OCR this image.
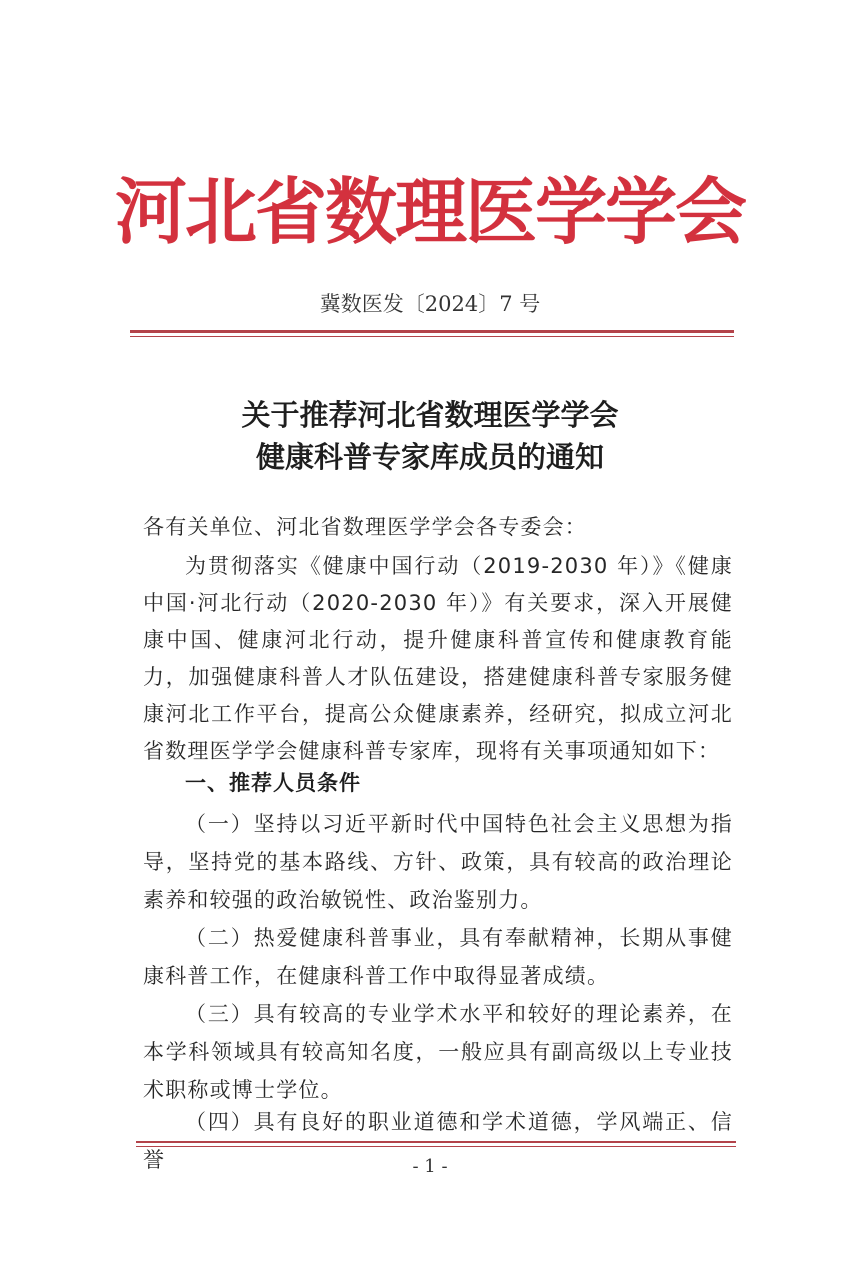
河北省数理医学学会
冀数医发〔2024〕7 号
关于推荐河北省数理医学学会
健康科普专家库成员的通知
各有关单位、河北省数理医学学会各专委会：
为贯彻落实《健康中国行动（2019-2030 年）》《健康中国·河北行动（2020-2030 年）》有关要求，深入开展健康中国、健康河北行动，提升健康科普宣传和健康教育能力，加强健康科普人才队伍建设，搭建健康科普专家服务健康河北工作平台，提高公众健康素养，经研究，拟成立河北省数理医学学会健康科普专家库，现将有关事项通知如下：
一、推荐人员条件
（一）坚持以习近平新时代中国特色社会主义思想为指导，坚持党的基本路线、方针、政策，具有较高的政治理论素养和较强的政治敏锐性、政治鉴别力。
（二）热爱健康科普事业，具有奉献精神，长期从事健康科普工作，在健康科普工作中取得显著成绩。
（三）具有较高的专业学术水平和较好的理论素养，在本学科领域具有较高知名度，一般应具有副高级以上专业技术职称或博士学位。
（四）具有良好的职业道德和学术道德，学风端正、信誉	- 1 -
